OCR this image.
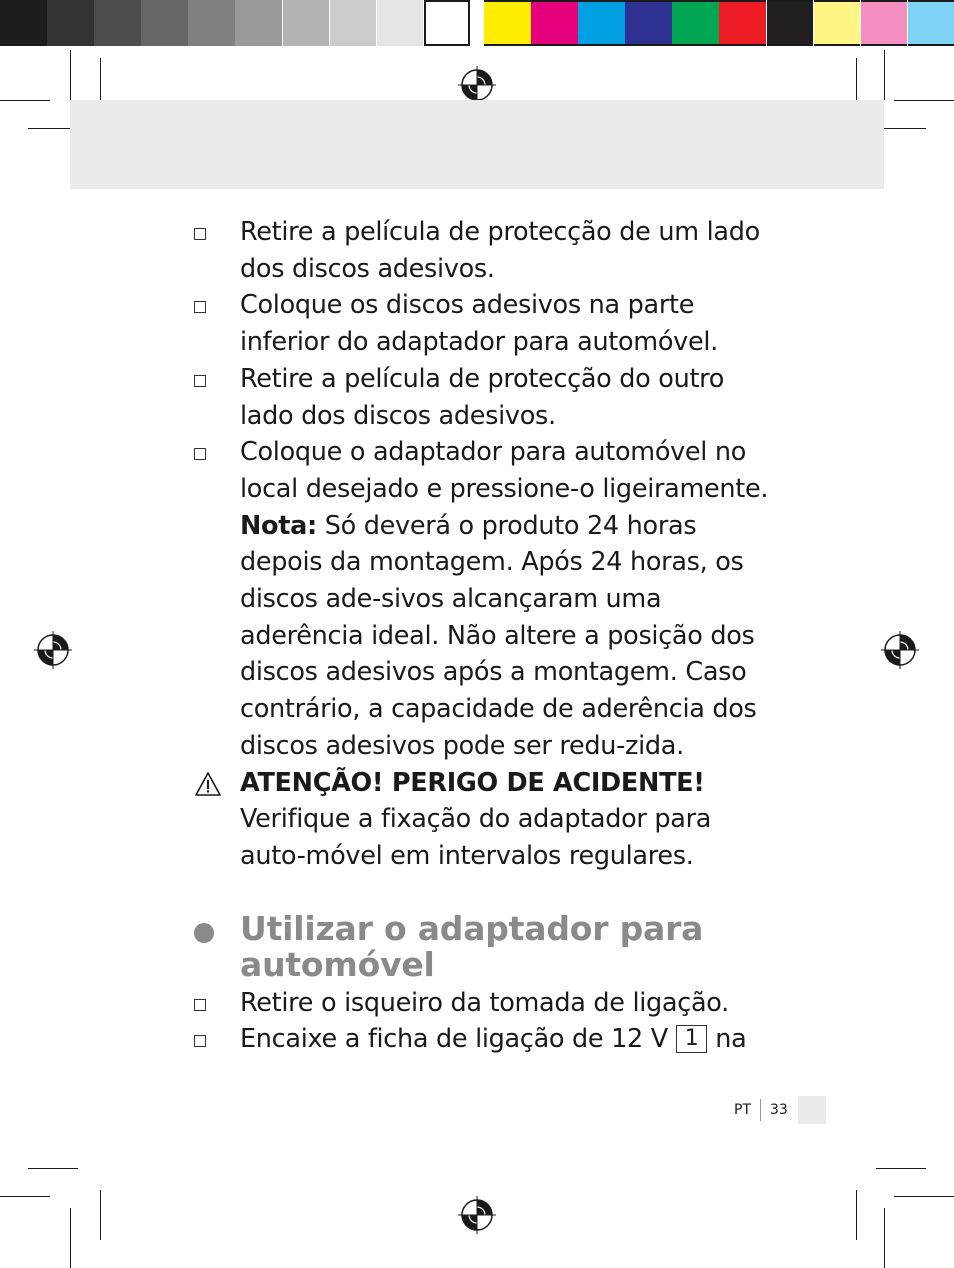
Retire a película de protecção de um lado dos discos adesivos.
Coloque os discos adesivos na parte inferior do adaptador para automóvel.
Retire a película de protecção do outro lado dos discos adesivos.
Coloque o adaptador para automóvel no local desejado e pressione-o ligeiramente.
Nota: Só deverá o produto 24 horas depois da montagem. Após 24 horas, os discos ade-sivos alcançaram uma aderência ideal. Não altere a posição dos discos adesivos após a montagem. Caso contrário, a capacidade de aderência dos discos adesivos pode ser redu-zida.
ATENÇÃO! PERIGO DE ACIDENTE!
Verifique a fixação do adaptador para auto-móvel em intervalos regulares.
Utilizar o adaptador para automóvel
Retire o isqueiro da tomada de ligação.
Encaixe a ficha de ligação de 12 V 1 na
PT 33
